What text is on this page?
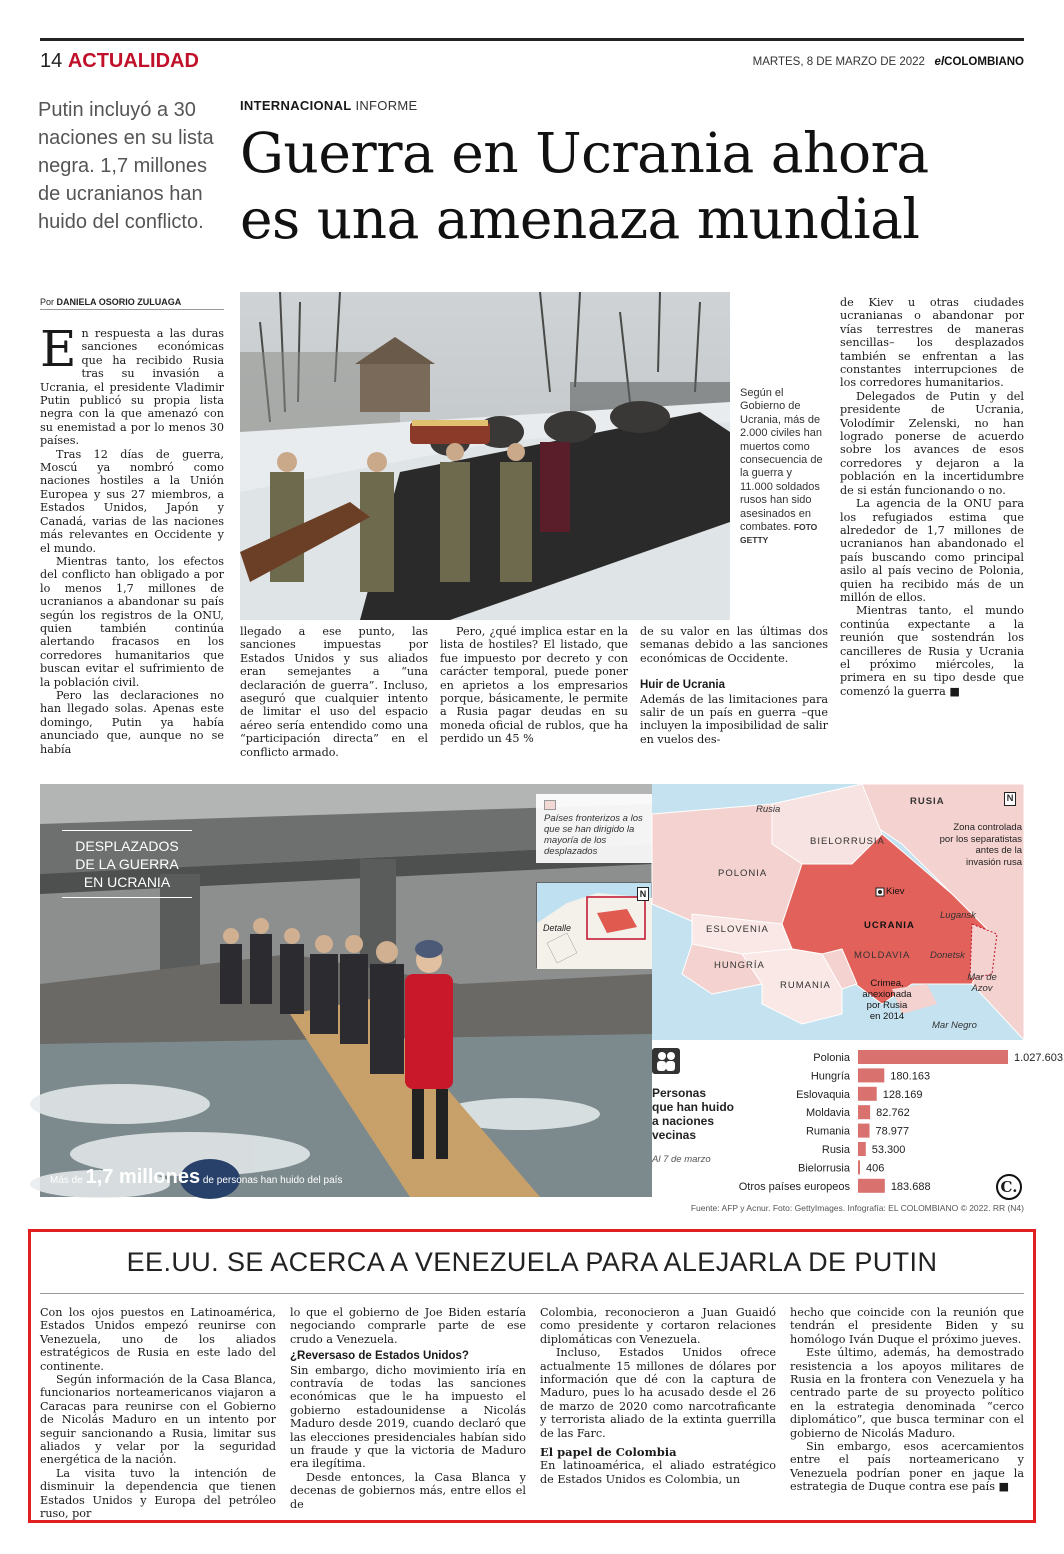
14 ACTUALIDAD	MARTES, 8 DE MARZO DE 2022 elCOLOMBIANO
Putin incluyó a 30 naciones en su lista negra. 1,7 millones de ucranianos han huido del conflicto.
INTERNACIONAL INFORME
Guerra en Ucrania ahora
es una amenaza mundial
Por DANIELA OSORIO ZULUAGA

En respuesta a las duras sanciones económicas que ha recibido Rusia tras su invasión a Ucrania, el presidente Vladimir Putin publicó su propia lista negra con la que amenazó con su enemistad a por lo menos 30 países.

Tras 12 días de guerra, Moscú ya nombró como naciones hostiles a la Unión Europea y sus 27 miembros, a Estados Unidos, Japón y Canadá, varias de las naciones más relevantes en Occidente y el mundo.

Mientras tanto, los efectos del conflicto han obligado a por lo menos 1,7 millones de ucranianos a abandonar su país según los registros de la ONU, quien también continúa alertando fracasos en los corredores humanitarios que buscan evitar el sufrimiento de la población civil.

Pero las declaraciones no han llegado solas. Apenas este domingo, Putin ya había anunciado que, aunque no se había

Según el Gobierno de Ucrania, más de 2.000 civiles han muertos como consecuencia de la guerra y 11.000 soldados rusos han sido asesinados en combates. FOTO GETTY

llegado a ese punto, las sanciones impuestas por Estados Unidos y sus aliados eran semejantes a “una declaración de guerra”. Incluso, aseguró que cualquier intento de limitar el uso del espacio aéreo sería entendido como una “participación directa” en el conflicto armado.

Pero, ¿qué implica estar en la lista de hostiles? El listado, que fue impuesto por decreto y con carácter temporal, puede poner en aprietos a los empresarios porque, básicamente, le permite a Rusia pagar deudas en su moneda oficial de rublos, que ha perdido un 45 %

de su valor en las últimas dos semanas debido a las sanciones económicas de Occidente.

Huir de Ucrania

Además de las limitaciones para salir de un país en guerra –que incluyen la imposibilidad de salir en vuelos des-

de Kiev u otras ciudades ucranianas o abandonar por vías terrestres de maneras sencillas– los desplazados también se enfrentan a las constantes interrupciones de los corredores humanitarios.

Delegados de Putin y del presidente de Ucrania, Volodímir Zelenski, no han logrado ponerse de acuerdo sobre los avances de esos corredores y dejaron a la población en la incertidumbre de si están funcionando o no.

La agencia de la ONU para los refugiados estima que alrededor de 1,7 millones de ucranianos han abandonado el país buscando como principal asilo al país vecino de Polonia, quien ha recibido más de un millón de ellos.

Mientras tanto, el mundo continúa expectante a la reunión que sostendrán los cancilleres de Rusia y Ucrania el próximo miércoles, la primera en su tipo desde que comenzó la guerra ■

DESPLAZADOS
DE LA GUERRA
EN UCRANIA
Países fronterizos a los que se han dirigido la mayoría de los desplazados
Detalle
N
Más de 1,7 millones de personas han huido del país
Rusia
RUSIA	N
BIELORRUSIA
POLONIA
Zona controlada
por los separatistas
antes de la
invasión rusa
Kiev
UCRANIA
Lugansk
ESLOVENIA
MOLDAVIA Donetsk
HUNGRÍA
Mar de Azov
RUMANIA	Crimea,
anexionada
por Rusia
en 2014
Mar Negro
Personas
que han huido
a naciones
vecinas
Al 7 de marzo
Polonia	1.027.603
Hungría	180.163
Eslovaquia	128.169
Moldavia 82.762
Rumania 78.977
Rusia 53.300
Bielorrusia 406
Otros países europeos	183.688	C.
Fuente: AFP y Acnur. Foto: GettyImages. Infografía: EL COLOMBIANO © 2022. RR (N4)
EE.UU. SE ACERCA A VENEZUELA PARA ALEJARLA DE PUTIN

Con los ojos puestos en Latinoamérica, Estados Unidos empezó reunirse con Venezuela, uno de los aliados estratégicos de Rusia en este lado del continente.

Según información de la Casa Blanca, funcionarios norteamericanos viajaron a Caracas para reunirse con el Gobierno de Nicolás Maduro en un intento por seguir sancionando a Rusia, limitar sus aliados y velar por la seguridad energética de la nación.

La visita tuvo la intención de disminuir la dependencia que tienen Estados Unidos y Europa del petróleo ruso, por

lo que el gobierno de Joe Biden estaría negociando comprarle parte de ese crudo a Venezuela.

¿Reversaso de Estados Unidos?

Sin embargo, dicho movimiento iría en contravía de todas las sanciones económicas que le ha impuesto el gobierno estadounidense a Nicolás Maduro desde 2019, cuando declaró que las elecciones presidenciales habían sido un fraude y que la victoria de Maduro era ilegítima.

Desde entonces, la Casa Blanca y decenas de gobiernos más, entre ellos el de

Colombia, reconocieron a Juan Guaidó como presidente y cortaron relaciones diplomáticas con Venezuela.

Incluso, Estados Unidos ofrece actualmente 15 millones de dólares por información que dé con la captura de Maduro, pues lo ha acusado desde el 26 de marzo de 2020 como narcotraficante y terrorista aliado de la extinta guerrilla de las Farc.

El papel de Colombia

En latinoamérica, el aliado estratégico de Estados Unidos es Colombia, un

hecho que coincide con la reunión que tendrán el presidente Biden y su homólogo Iván Duque el próximo jueves.

Este último, además, ha demostrado resistencia a los apoyos militares de Rusia en la frontera con Venezuela y ha centrado parte de su proyecto político en la estrategia denominada “cerco diplomático”, que busca terminar con el gobierno de Nicolás Maduro.

Sin embargo, esos acercamientos entre el país norteamericano y Venezuela podrían poner en jaque la estrategia de Duque contra ese país ■
